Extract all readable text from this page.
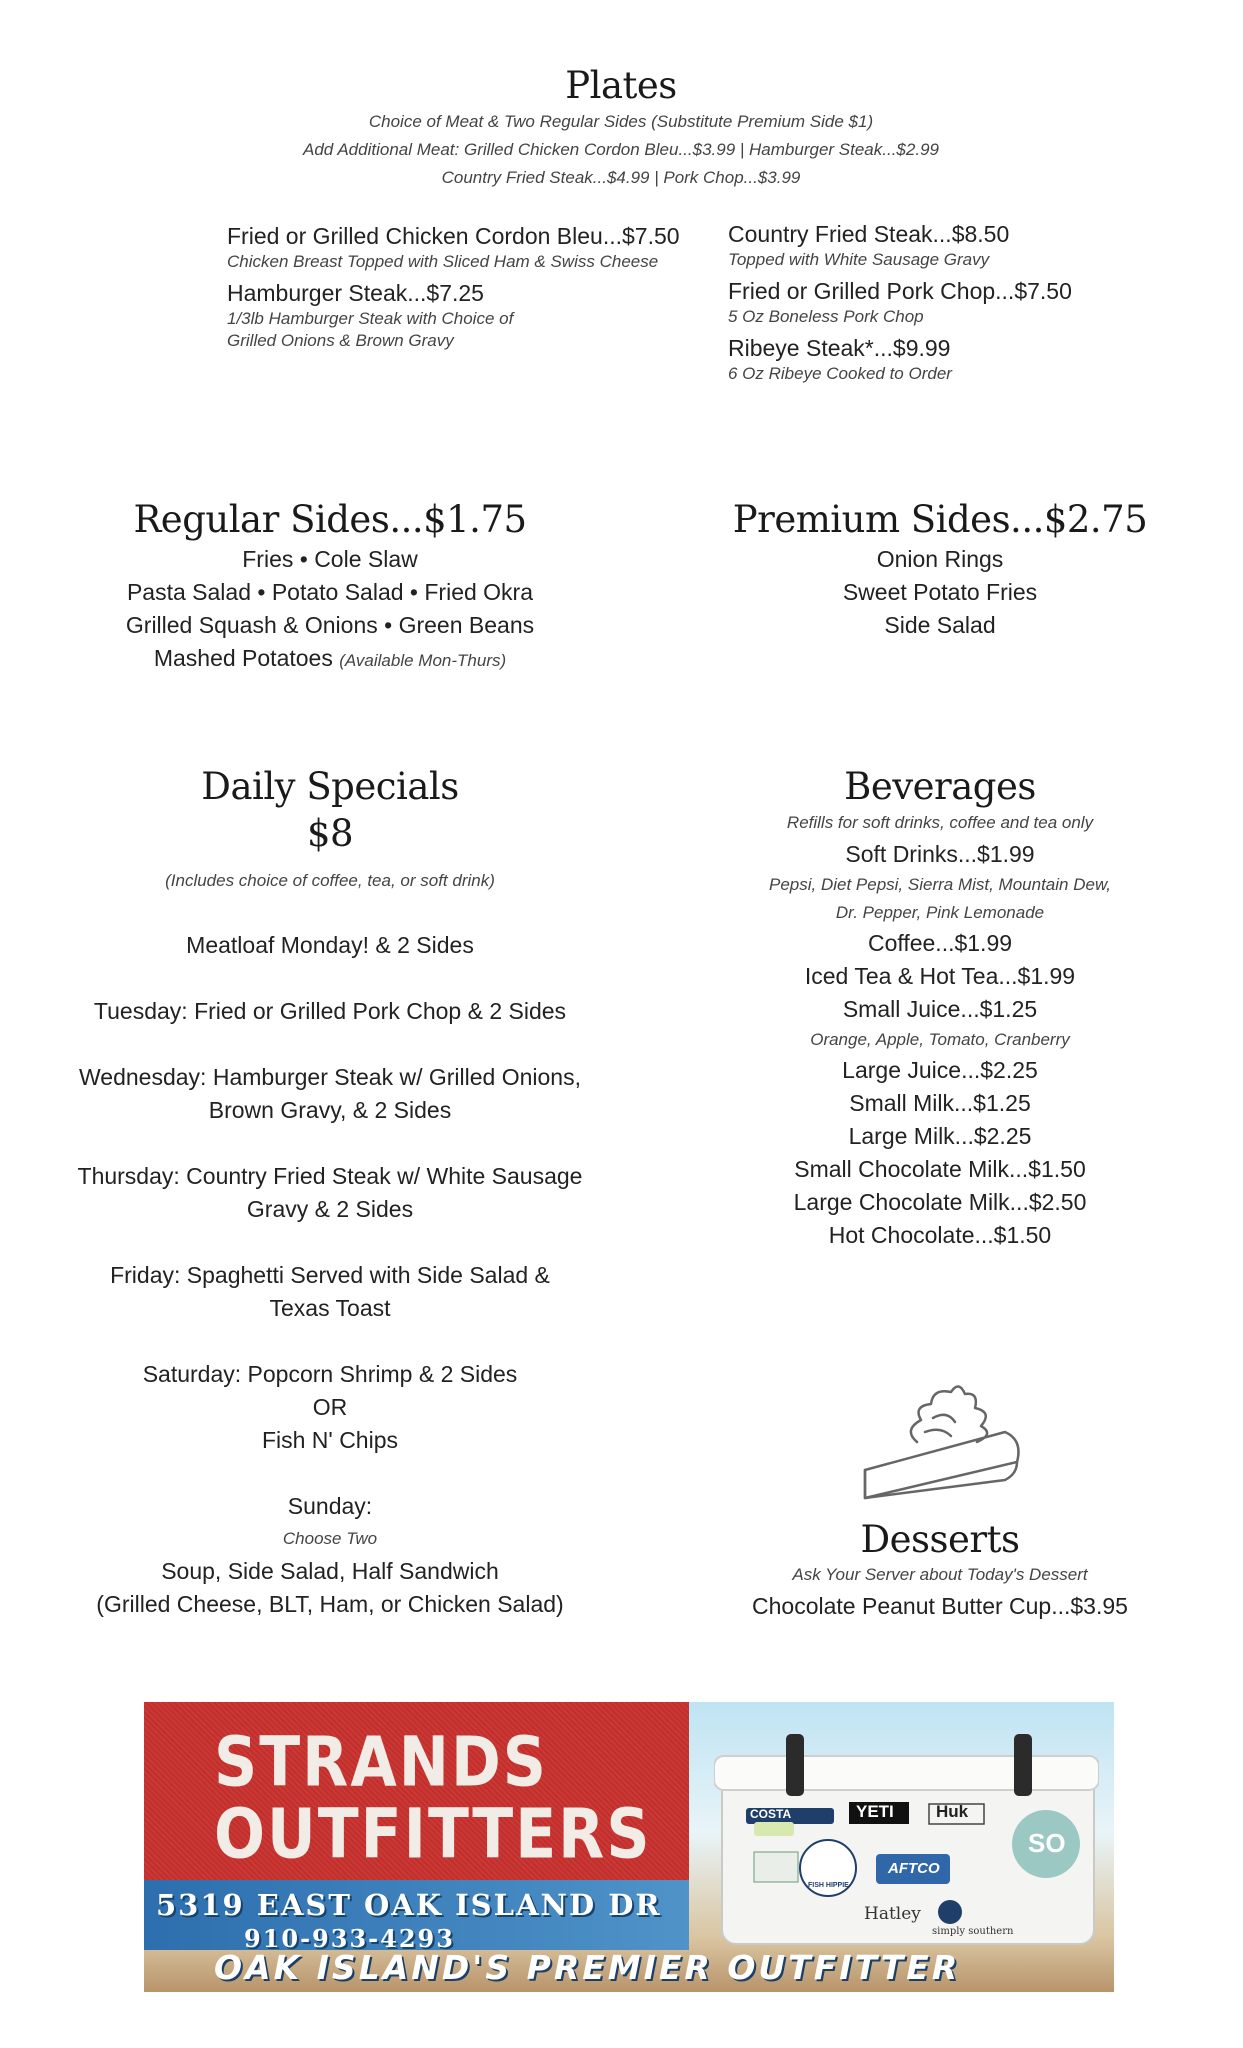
Plates
Choice of Meat & Two Regular Sides (Substitute Premium Side $1)
Add Additional Meat: Grilled Chicken Cordon Bleu...$3.99 | Hamburger Steak...$2.99
Country Fried Steak...$4.99 | Pork Chop...$3.99
Fried or Grilled Chicken Cordon Bleu...$7.50
Chicken Breast Topped with Sliced Ham & Swiss Cheese
Hamburger Steak...$7.25
1/3lb Hamburger Steak with Choice of
Grilled Onions & Brown Gravy
Country Fried Steak...$8.50
Topped with White Sausage Gravy
Fried or Grilled Pork Chop...$7.50
5 Oz Boneless Pork Chop
Ribeye Steak*...$9.99
6 Oz Ribeye Cooked to Order
Regular Sides...$1.75
Fries • Cole Slaw
Pasta Salad • Potato Salad • Fried Okra
Grilled Squash & Onions • Green Beans
Mashed Potatoes (Available Mon-Thurs)
Premium Sides...$2.75
Onion Rings
Sweet Potato Fries
Side Salad
Daily Specials
$8
(Includes choice of coffee, tea, or soft drink)
Meatloaf Monday! & 2 Sides
Tuesday: Fried or Grilled Pork Chop & 2 Sides
Wednesday: Hamburger Steak w/ Grilled Onions,
Brown Gravy, & 2 Sides
Thursday: Country Fried Steak w/ White Sausage
Gravy & 2 Sides
Friday: Spaghetti Served with Side Salad &
Texas Toast
Saturday: Popcorn Shrimp & 2 Sides
OR
Fish N' Chips
Sunday:
Choose Two
Soup, Side Salad, Half Sandwich
(Grilled Cheese, BLT, Ham, or Chicken Salad)
Beverages
Refills for soft drinks, coffee and tea only
Soft Drinks...$1.99
Pepsi, Diet Pepsi, Sierra Mist, Mountain Dew,
Dr. Pepper, Pink Lemonade
Coffee...$1.99
Iced Tea & Hot Tea...$1.99
Small Juice...$1.25
Orange, Apple, Tomato, Cranberry
Large Juice...$2.25
Small Milk...$1.25
Large Milk...$2.25
Small Chocolate Milk...$1.50
Large Chocolate Milk...$2.50
Hot Chocolate...$1.50
Desserts
Ask Your Server about Today's Dessert
Chocolate Peanut Butter Cup...$3.95
STRANDS
OUTFITTERS
5319 EAST OAK ISLAND DR
910-933-4293
COSTA	YETI Huk
SO
AFTCO
FISH HIPPIE
Hatley
simply southern
OAK ISLAND'S PREMIER OUTFITTER
